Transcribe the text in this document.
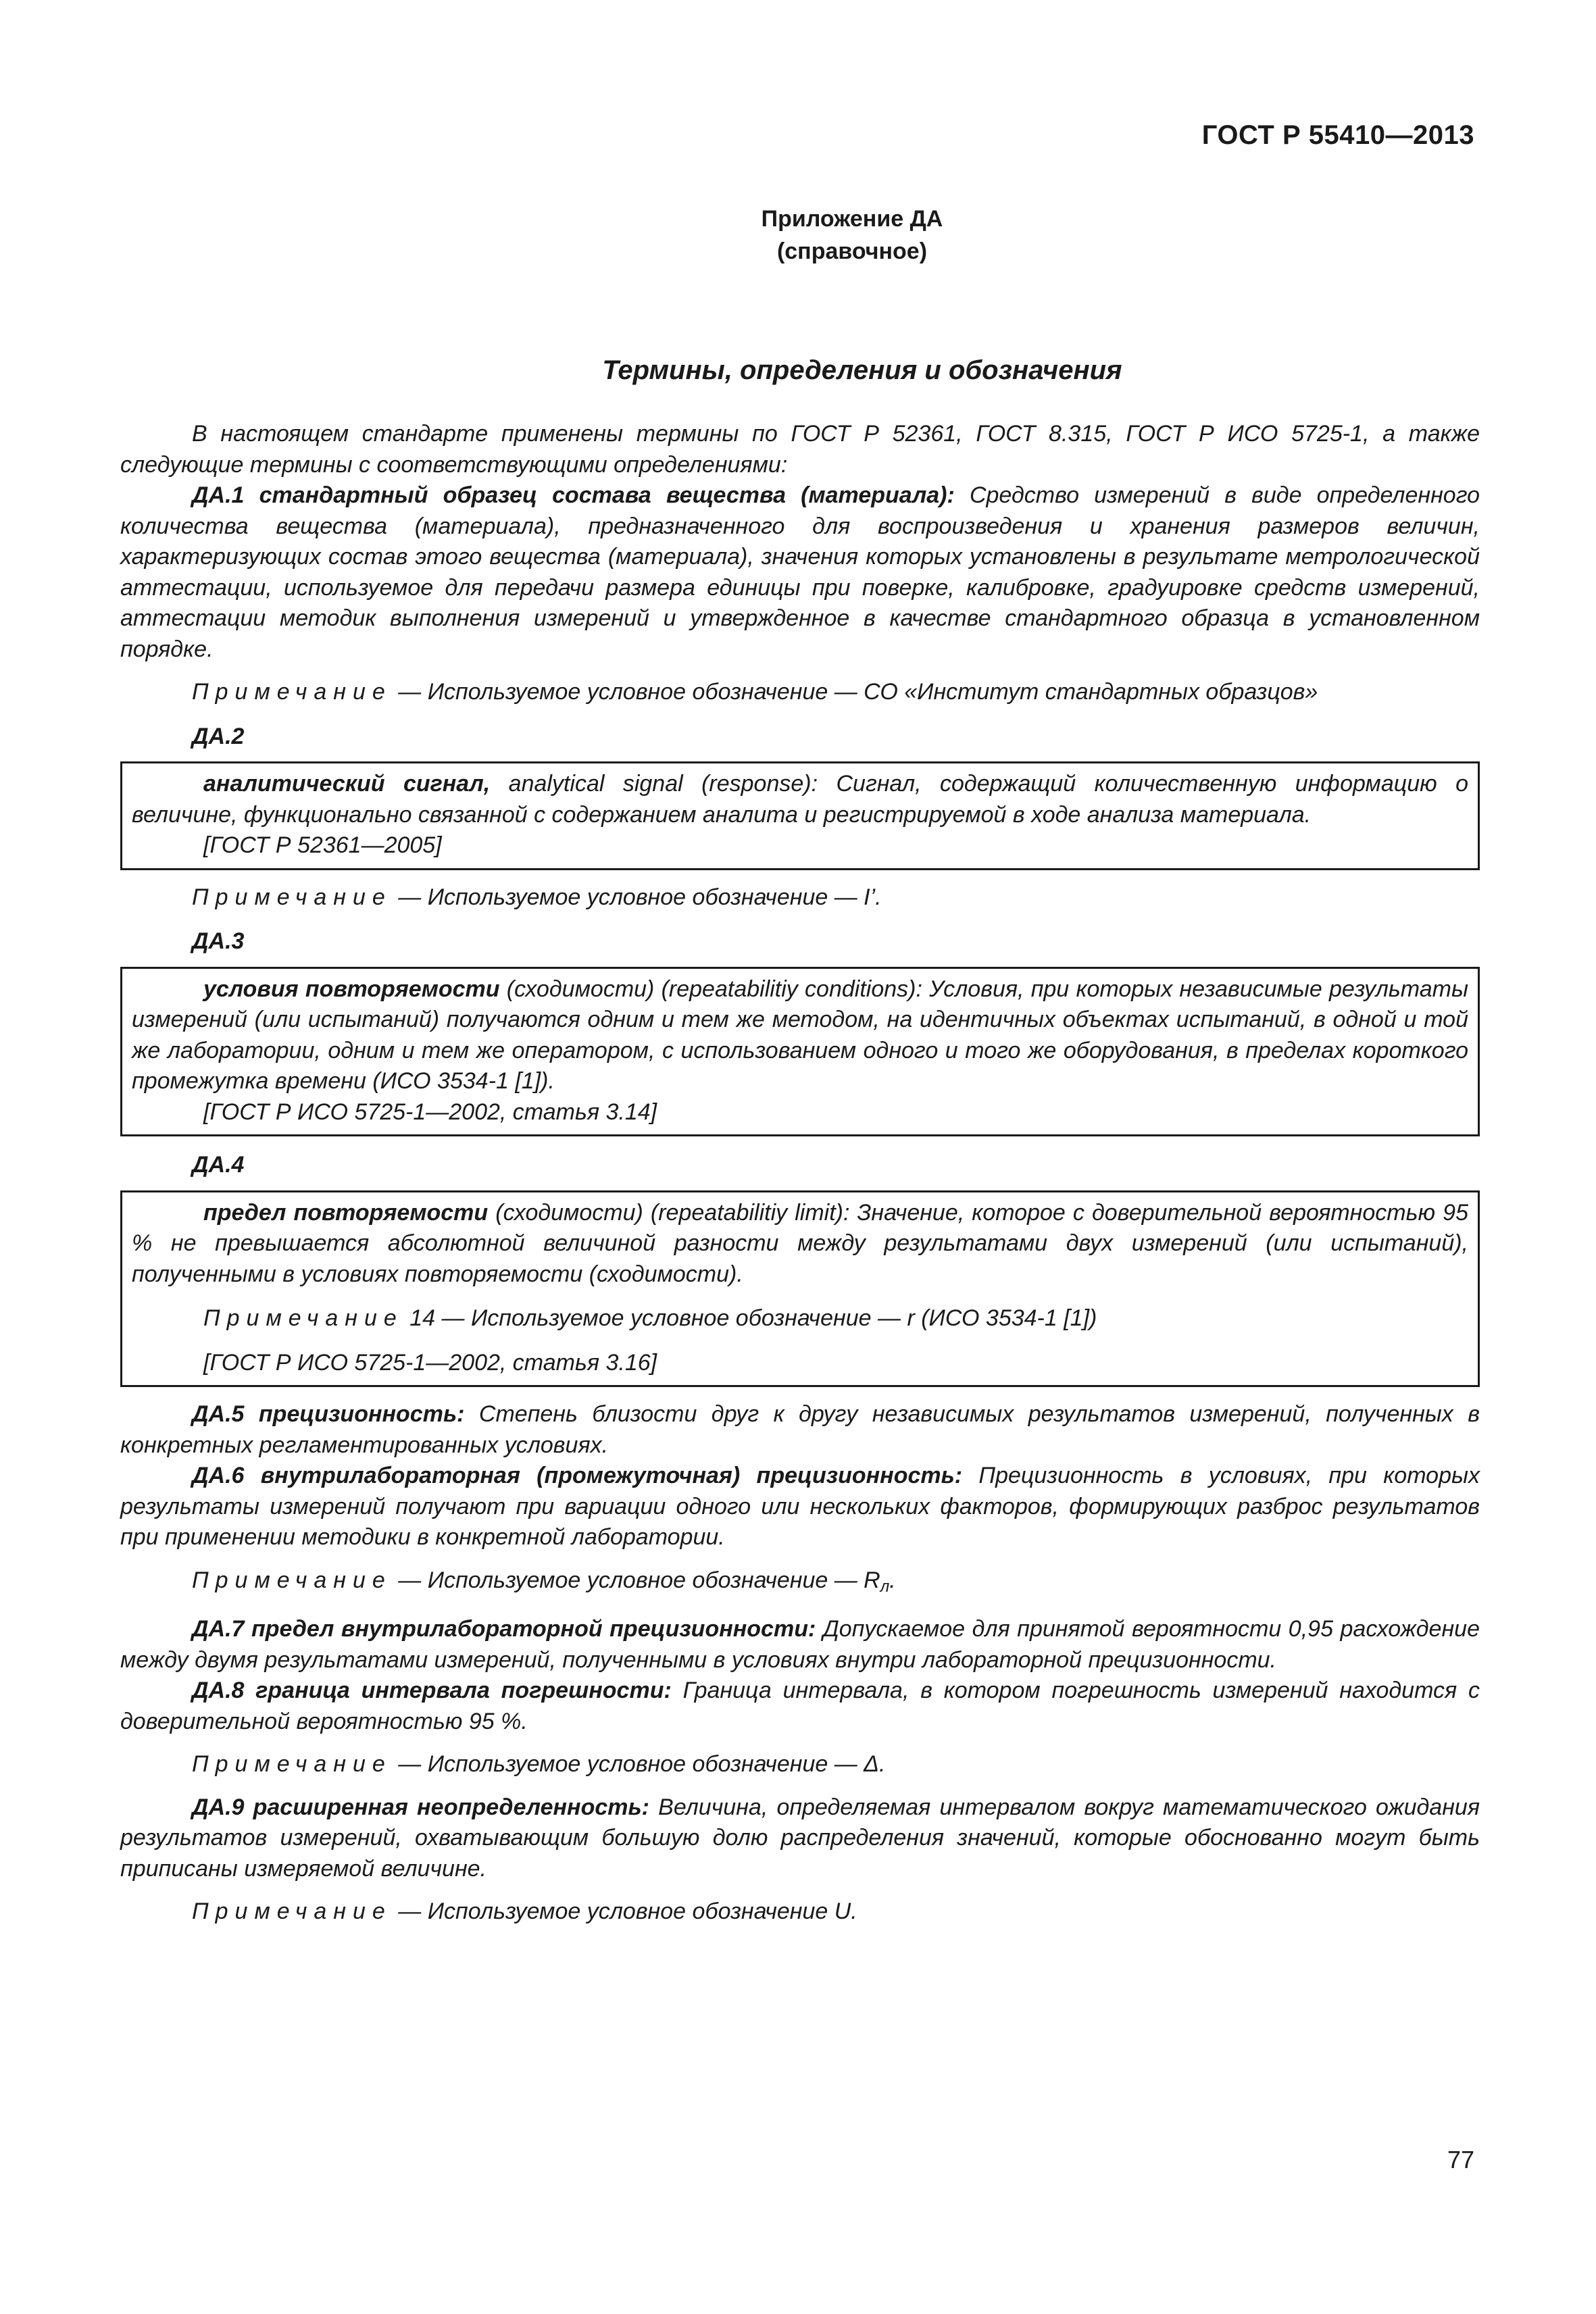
ГОСТ Р 55410—2013
Приложение ДА
(справочное)
Термины, определения и обозначения

В настоящем стандарте применены термины по ГОСТ Р 52361, ГОСТ 8.315, ГОСТ Р ИСО 5725-1, а также следующие термины с соответствующими определениями:

ДА.1 стандартный образец состава вещества (материала): Средство измерений в виде определенного количества вещества (материала), предназначенного для воспроизведения и хранения размеров величин, характеризующих состав этого вещества (материала), значения которых установлены в результате метрологической аттестации, используемое для передачи размера единицы при поверке, калибровке, градуировке средств измерений, аттестации методик выполнения измерений и утвержденное в качестве стандартного образца в установленном порядке.

Примечание — Используемое условное обозначение — СО «Институт стандартных образцов»

ДА.2

аналитический сигнал, analytical signal (response): Сигнал, содержащий количественную информацию о величине, функционально связанной с содержанием аналита и регистрируемой в ходе анализа материала.

[ГОСТ Р 52361—2005]

Примечание — Используемое условное обозначение — I’.

ДА.3

условия повторяемости (сходимости) (repeatabilitiy conditions): Условия, при которых независимые результаты измерений (или испытаний) получаются одним и тем же методом, на идентичных объектах испытаний, в одной и той же лаборатории, одним и тем же оператором, с использованием одного и того же оборудования, в пределах короткого промежутка времени (ИСО 3534-1 [1]).

[ГОСТ Р ИСО 5725-1—2002, статья 3.14]

ДА.4

предел повторяемости (сходимости) (repeatabilitiy limit): Значение, которое с доверительной вероятностью 95 % не превышается абсолютной величиной разности между результатами двух измерений (или испытаний), полученными в условиях повторяемости (сходимости).

Примечание 14 — Используемое условное обозначение — r (ИСО 3534-1 [1])

[ГОСТ Р ИСО 5725-1—2002, статья 3.16]

ДА.5 прецизионность: Степень близости друг к другу независимых результатов измерений, полученных в конкретных регламентированных условиях.

ДА.6 внутрилабораторная (промежуточная) прецизионность: Прецизионность в условиях, при которых результаты измерений получают при вариации одного или нескольких факторов, формирующих разброс результатов при применении методики в конкретной лаборатории.

Примечание — Используемое условное обозначение — $R_л$.

ДА.7 предел внутрилабораторной прецизионности: Допускаемое для принятой вероятности 0,95 расхождение между двумя результатами измерений, полученными в условиях внутри лабораторной прецизионности.

ДА.8 граница интервала погрешности: Граница интервала, в котором погрешность измерений находится с доверительной вероятностью 95 %.

Примечание — Используемое условное обозначение — Δ.

ДА.9 расширенная неопределенность: Величина, определяемая интервалом вокруг математического ожидания результатов измерений, охватывающим большую долю распределения значений, которые обоснованно могут быть приписаны измеряемой величине.

Примечание — Используемое условное обозначение U.

77
